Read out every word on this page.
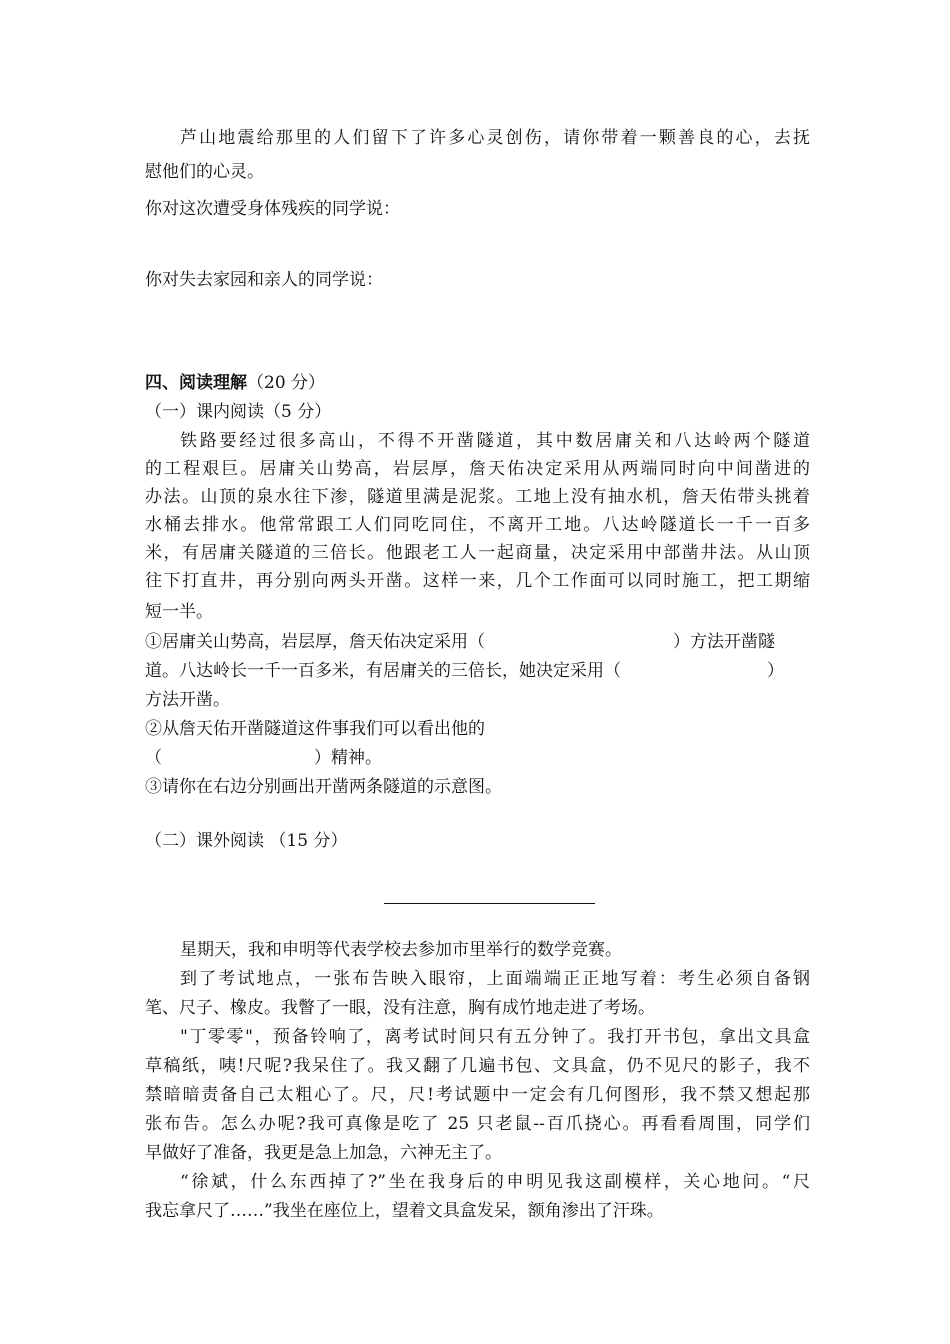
芦山地震给那里的人们留下了许多心灵创伤，请你带着一颗善良的心，去抚
慰他们的心灵。
你对这次遭受身体残疾的同学说：
你对失去家园和亲人的同学说：
四、阅读理解（20 分）
（一）课内阅读（5 分）
铁路要经过很多高山，不得不开凿隧道，其中数居庸关和八达岭两个隧道
的工程艰巨。居庸关山势高，岩层厚，詹天佑决定采用从两端同时向中间凿进的
办法。山顶的泉水往下渗，隧道里满是泥浆。工地上没有抽水机，詹天佑带头挑着
水桶去排水。他常常跟工人们同吃同住，不离开工地。八达岭隧道长一千一百多
米，有居庸关隧道的三倍长。他跟老工人一起商量，决定采用中部凿井法。从山顶
往下打直井，再分别向两头开凿。这样一来，几个工作面可以同时施工，把工期缩
短一半。
①居庸关山势高，岩层厚，詹天佑决定采用（	）方法开凿隧
道。八达岭长一千一百多米，有居庸关的三倍长，她决定采用（	）
方法开凿。
②从詹天佑开凿隧道这件事我们可以看出他的
（	）精神。
③请你在右边分别画出开凿两条隧道的示意图。
（二）课外阅读 （15 分）
星期天，我和申明等代表学校去参加市里举行的数学竞赛。
到了考试地点，一张布告映入眼帘，上面端端正正地写着：考生必须自备钢
笔、尺子、橡皮。我瞥了一眼，没有注意，胸有成竹地走进了考场。
"丁零零"，预备铃响了，离考试时间只有五分钟了。我打开书包，拿出文具盒
草稿纸，咦!尺呢?我呆住了。我又翻了几遍书包、文具盒，仍不见尺的影子，我不
禁暗暗责备自己太粗心了。尺，尺!考试题中一定会有几何图形，我不禁又想起那
张布告。怎么办呢?我可真像是吃了 25 只老鼠--百爪挠心。再看看周围，同学们
早做好了准备，我更是急上加急，六神无主了。
“徐斌，什么东西掉了?”坐在我身后的申明见我这副模样，关心地问。“尺
我忘拿尺了……”我坐在座位上，望着文具盒发呆，额角渗出了汗珠。
